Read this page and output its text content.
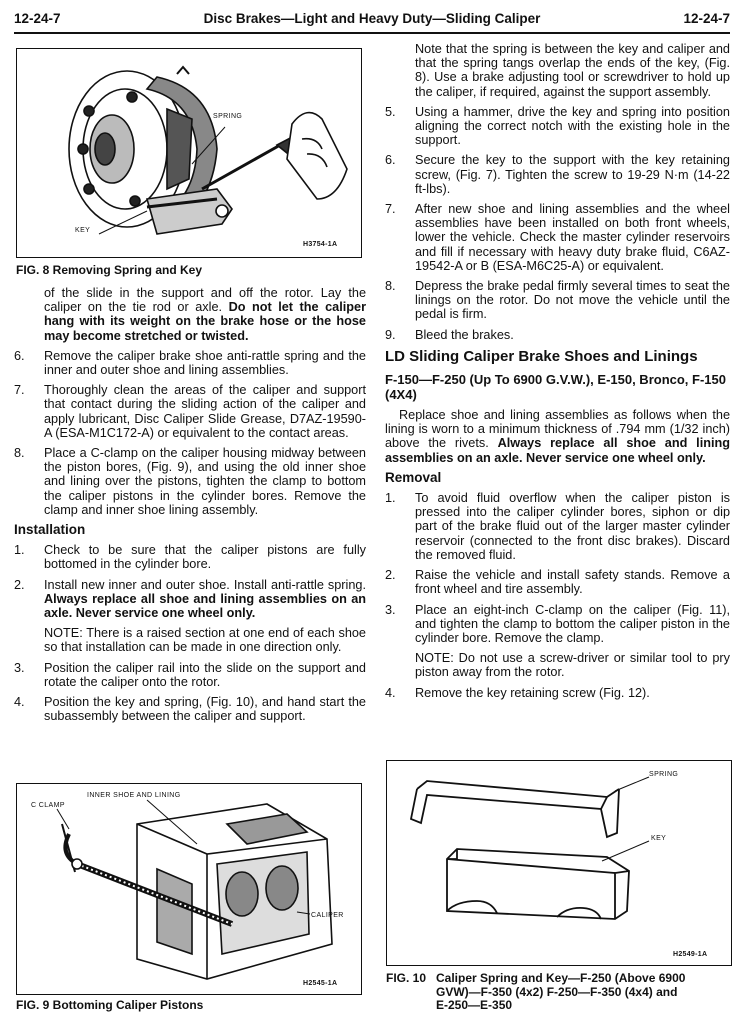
12-24-7	Disc Brakes—Light and Heavy Duty—Sliding Caliper	12-24-7
SPRING
KEY
H3754-1A
FIG. 8 Removing Spring and Key

of the slide in the support and off the rotor. Lay the caliper on the tie rod or axle. Do not let the caliper hang with its weight on the brake hose or the hose may become stretched or twisted.

6.	Remove the caliper brake shoe anti-rattle spring and the inner and outer shoe and lining assemblies.
7.	Thoroughly clean the areas of the caliper and support that contact during the sliding action of the caliper and apply lubricant, Disc Caliper Slide Grease, D7AZ-19590-A (ESA-M1C172-A) or equivalent to the contact areas.
8.	Place a C-clamp on the caliper housing midway between the piston bores, (Fig. 9), and using the old inner shoe and lining over the pistons, tighten the clamp to bottom the caliper pistons in the cylinder bores. Remove the clamp and inner shoe lining assembly.
Installation
1.	Check to be sure that the caliper pistons are fully bottomed in the cylinder bore.
2.	Install new inner and outer shoe. Install anti-rattle spring. Always replace all shoe and lining assemblies on an axle. Never service one wheel only.
NOTE: There is a raised section at one end of each shoe so that installation can be made in one direction only.
3.	Position the caliper rail into the slide on the support and rotate the caliper onto the rotor.
4.	Position the key and spring, (Fig. 10), and hand start the subassembly between the caliper and support.
C CLAMP
INNER SHOE AND LINING
CALIPER
H2545-1A
FIG. 9 Bottoming Caliper Pistons

Note that the spring is between the key and caliper and that the spring tangs overlap the ends of the key, (Fig. 8). Use a brake adjusting tool or screwdriver to hold up the caliper, if required, against the support assembly.

5.	Using a hammer, drive the key and spring into position aligning the correct notch with the existing hole in the support.
6.	Secure the key to the support with the key retaining screw, (Fig. 7). Tighten the screw to 19-29 N·m (14-22 ft-lbs).
7.	After new shoe and lining assemblies and the wheel assemblies have been installed on both front wheels, lower the vehicle. Check the master cylinder reservoirs and fill if necessary with heavy duty brake fluid, C6AZ-19542-A or B (ESA-M6C25-A) or equivalent.
8.	Depress the brake pedal firmly several times to seat the linings on the rotor. Do not move the vehicle until the pedal is firm.
9.	Bleed the brakes.
LD Sliding Caliper Brake Shoes and Linings
F-150—F-250 (Up To 6900 G.V.W.), E-150, Bronco, F-150 (4X4)

Replace shoe and lining assemblies as follows when the lining is worn to a minimum thickness of .794 mm (1/32 inch) above the rivets. Always replace all shoe and lining assemblies on an axle. Never service one wheel only.

Removal
1.	To avoid fluid overflow when the caliper piston is pressed into the caliper cylinder bores, siphon or dip part of the brake fluid out of the larger master cylinder reservoir (connected to the front disc brakes). Discard the removed fluid.
2.	Raise the vehicle and install safety stands. Remove a front wheel and tire assembly.
3.	Place an eight-inch C-clamp on the caliper (Fig. 11), and tighten the clamp to bottom the caliper piston in the cylinder bore. Remove the clamp.
NOTE: Do not use a screw-driver or similar tool to pry piston away from the rotor.
4.	Remove the key retaining screw (Fig. 12).
SPRING
KEY
H2549-1A
FIG. 10 Caliper Spring and Key—F-250 (Above 6900
GVW)—F-350 (4x2) F-250—F-350 (4x4) and
E-250—E-350
